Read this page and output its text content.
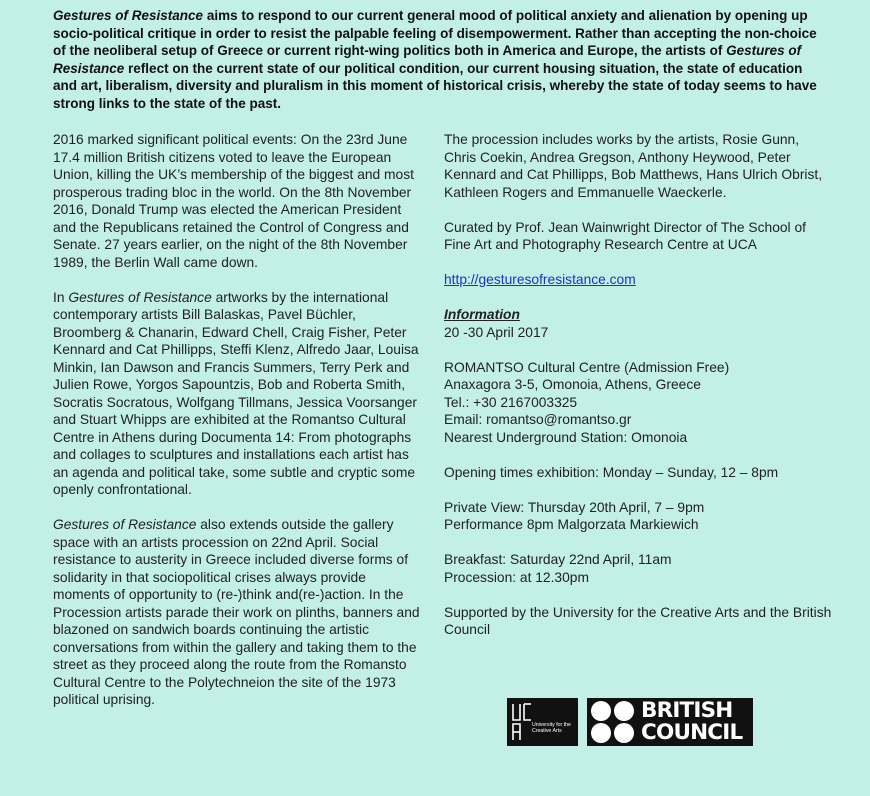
Gestures of Resistance aims to respond to our current general mood of political anxiety and alienation by opening up socio-political critique in order to resist the palpable feeling of disempowerment. Rather than accepting the non-choice of the neoliberal setup of Greece or current right-wing politics both in America and Europe, the artists of Gestures of Resistance reflect on the current state of our political condition, our current housing situation, the state of education and art, liberalism, diversity and pluralism in this moment of historical crisis, whereby the state of today seems to have strong links to the state of the past.

2016 marked significant political events: On the 23rd June 17.4 million British citizens voted to leave the European Union, killing the UK’s membership of the biggest and most prosperous trading bloc in the world. On the 8th November 2016, Donald Trump was elected the American President and the Republicans retained the Control of Congress and Senate. 27 years earlier, on the night of the 8th November 1989, the Berlin Wall came down.

In Gestures of Resistance artworks by the international contemporary artists Bill Balaskas, Pavel Büchler, Broomberg & Chanarin, Edward Chell, Craig Fisher, Peter Kennard and Cat Phillipps, Steffi Klenz, Alfredo Jaar, Louisa Minkin, Ian Dawson and Francis Summers, Terry Perk and Julien Rowe, Yorgos Sapountzis, Bob and Roberta Smith, Socratis Socratous, Wolfgang Tillmans, Jessica Voorsanger and Stuart Whipps are exhibited at the Romantso Cultural Centre in Athens during Documenta 14: From photographs and collages to sculptures and installations each artist has an agenda and political take, some subtle and cryptic some openly confrontational.

Gestures of Resistance also extends outside the gallery space with an artists procession on 22nd April. Social resistance to austerity in Greece included diverse forms of solidarity in that sociopolitical crises always provide moments of opportunity to (re-)think and(re-)action. In the Procession artists parade their work on plinths, banners and blazoned on sandwich boards continuing the artistic conversations from within the gallery and taking them to the street as they proceed along the route from the Romansto Cultural Centre to the Polytechneion the site of the 1973 political uprising.

The procession includes works by the artists, Rosie Gunn, Chris Coekin, Andrea Gregson, Anthony Heywood, Peter Kennard and Cat Phillipps, Bob Matthews, Hans Ulrich Obrist, Kathleen Rogers and Emmanuelle Waeckerle.

Curated by Prof. Jean Wainwright Director of The School of Fine Art and Photography Research Centre at UCA

http://gesturesofresistance.com

Information
20 -30 April 2017

ROMANTSO Cultural Centre (Admission Free)
Anaxagora 3-5, Omonoia, Athens, Greece
Tel.: +30 2167003325
Email: romantso@romantso.gr
Nearest Underground Station: Omonoia

Opening times exhibition: Monday – Sunday, 12 – 8pm

Private View: Thursday 20th April, 7 – 9pm
Performance 8pm Malgorzata Markiewich

Breakfast: Saturday 22nd April, 11am
Procession: at 12.30pm

Supported by the University for the Creative Arts and the British Council

University for the Creative Arts
BRITISH
COUNCIL
